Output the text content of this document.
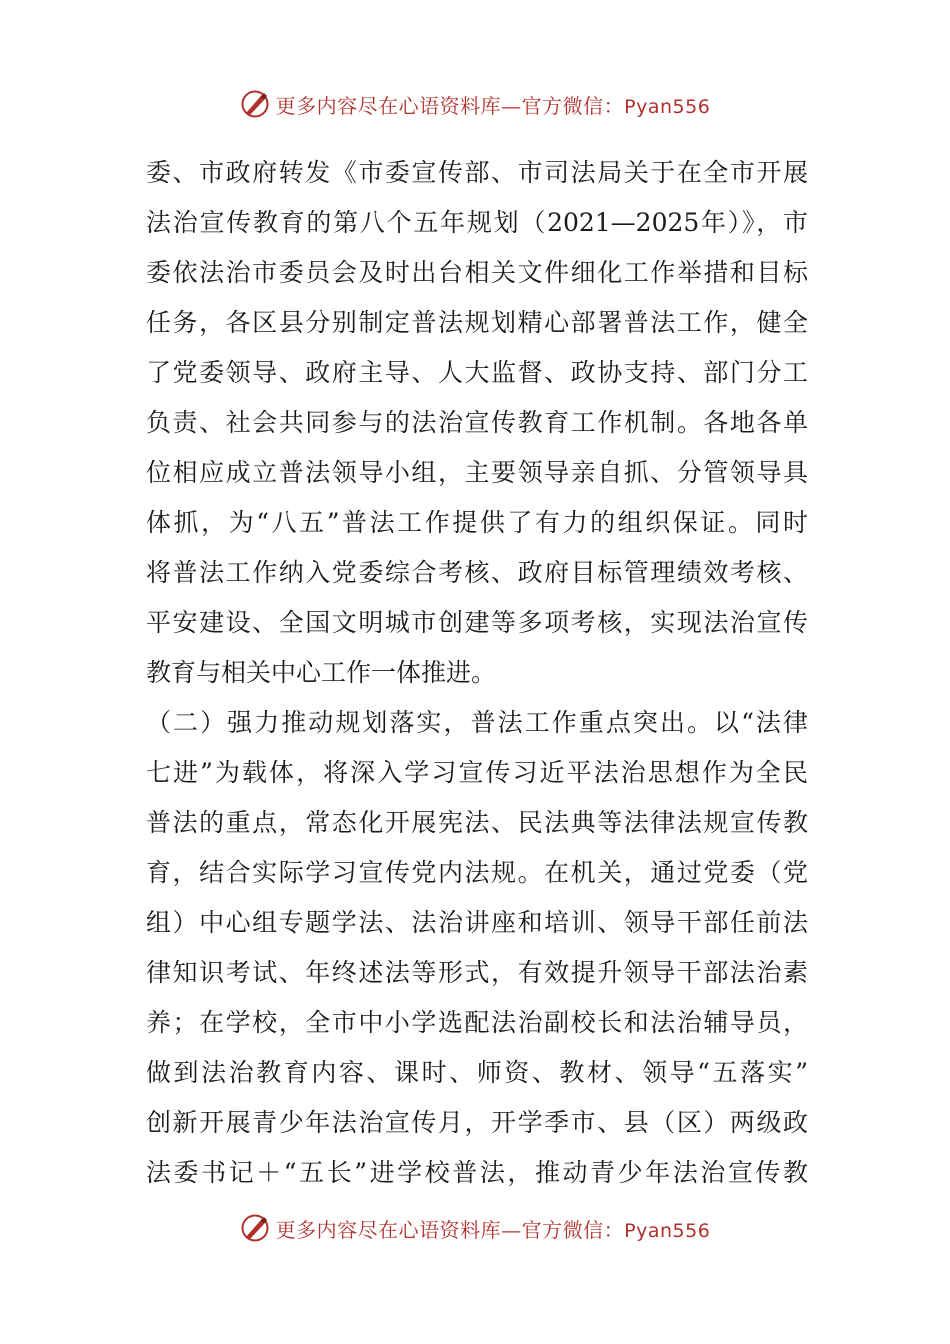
更多内容尽在心语资料库—官方微信：Pyan556
委、市政府转发《市委宣传部、市司法局关于在全市开展
法治宣传教育的第八个五年规划（2021—2025年）》，市
委依法治市委员会及时出台相关文件细化工作举措和目标
任务，各区县分别制定普法规划精心部署普法工作，健全
了党委领导、政府主导、人大监督、政协支持、部门分工
负责、社会共同参与的法治宣传教育工作机制。各地各单
位相应成立普法领导小组，主要领导亲自抓、分管领导具
体抓，为“八五”普法工作提供了有力的组织保证。同时
将普法工作纳入党委综合考核、政府目标管理绩效考核、
平安建设、全国文明城市创建等多项考核，实现法治宣传
教育与相关中心工作一体推进。
（二）强力推动规划落实，普法工作重点突出。以“法律
七进”为载体，将深入学习宣传习近平法治思想作为全民
普法的重点，常态化开展宪法、民法典等法律法规宣传教
育，结合实际学习宣传党内法规。在机关，通过党委（党
组）中心组专题学法、法治讲座和培训、领导干部任前法
律知识考试、年终述法等形式，有效提升领导干部法治素
养；在学校，全市中小学选配法治副校长和法治辅导员，
做到法治教育内容、课时、师资、教材、领导“五落实”
创新开展青少年法治宣传月，开学季市、县（区）两级政
法委书记＋“五长”进学校普法，推动青少年法治宣传教
更多内容尽在心语资料库—官方微信：Pyan556
